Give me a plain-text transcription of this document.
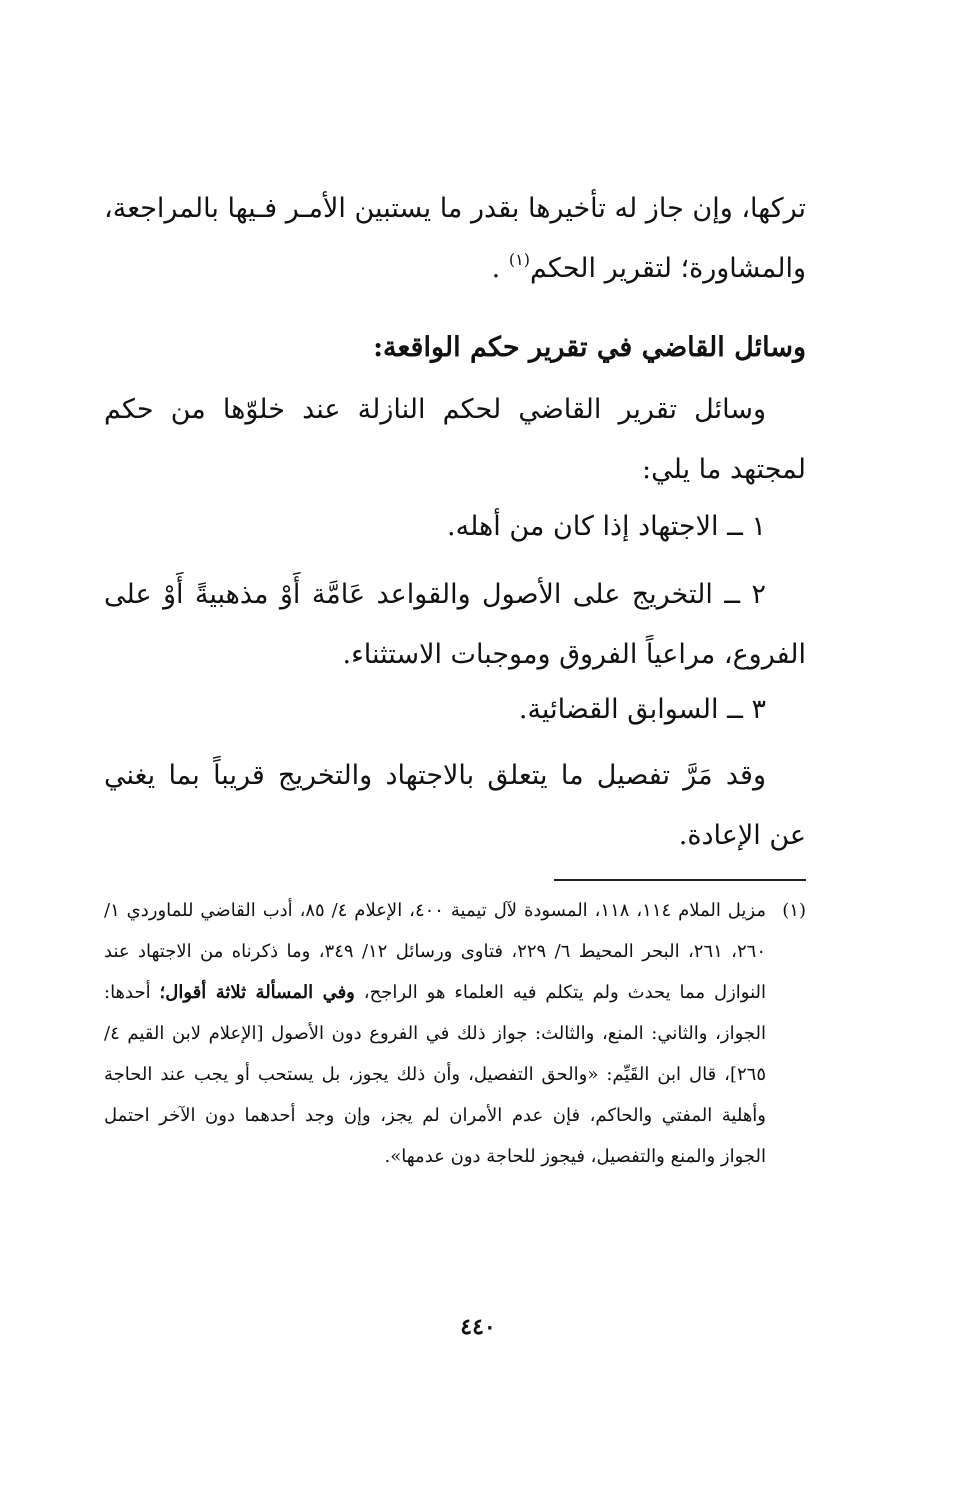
تركها، وإن جاز له تأخيرها بقدر ما يستبين الأمـر فـيها بالمراجعة، والمشاورة؛ لتقرير الحكم$^{(١)}$ .

وسائل القاضي في تقرير حكم الواقعة:

وسائل تقرير القاضي لحكم النازلة عند خلوّها من حكم لمجتهد ما يلي:

١ ــ الاجتهاد إذا كان من أهله.

٢ ــ التخريج على الأصول والقواعد عَامَّة أَوْ مذهبيةً أَوْ على الفروع، مراعياً الفروق وموجبات الاستثناء.

٣ ــ السوابق القضائية.

وقد مَرَّ تفصيل ما يتعلق بالاجتهاد والتخريج قريباً بما يغني عن الإعادة.

(١)
مزيل الملام ١١٤، ١١٨، المسودة لآل تيمية ٤٠٠، الإعلام ٤/ ٨٥، أدب القاضي للماوردي ١/ ٢٦٠، ٢٦١، البحر المحيط ٦/ ٢٢٩، فتاوى ورسائل ١٢/ ٣٤٩، وما ذكرناه من الاجتهاد عند النوازل مما يحدث ولم يتكلم فيه العلماء هو الراجح، وفي المسألة ثلاثة أقوال؛ أحدها: الجواز، والثاني: المنع، والثالث: جواز ذلك في الفروع دون الأصول [الإعلام لابن القيم ٤/ ٢٦٥]، قال ابن القَيِّم: «والحق التفصيل، وأن ذلك يجوز، بل يستحب أو يجب عند الحاجة وأهلية المفتي والحاكم، فإن عدم الأمران لم يجز، وإن وجد أحدهما دون الآخر احتمل الجواز والمنع والتفصيل، فيجوز للحاجة دون عدمها».
٤٤٠
